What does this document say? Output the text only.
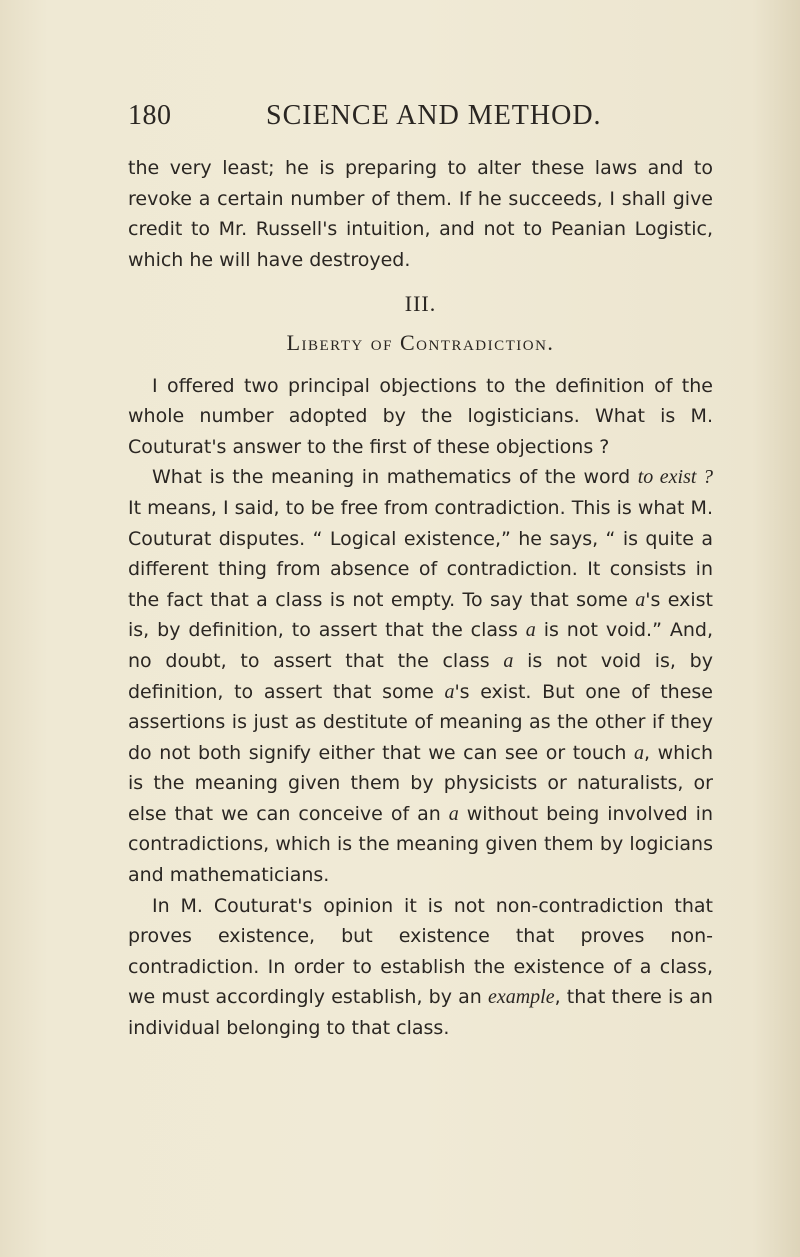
180	SCIENCE AND METHOD.

the very least; he is preparing to alter these laws and to revoke a certain number of them. If he succeeds, I shall give credit to Mr. Russell's intuition, and not to Peanian Logistic, which he will have destroyed.

III.

Liberty of Contradiction.

I offered two principal objections to the definition of the whole number adopted by the logisticians. What is M. Couturat's answer to the first of these objections ?

What is the meaning in mathematics of the word to exist ? It means, I said, to be free from contradiction. This is what M. Couturat disputes. “ Logical existence,” he says, “ is quite a different thing from absence of contradiction. It consists in the fact that a class is not empty. To say that some a's exist is, by definition, to assert that the class a is not void.” And, no doubt, to assert that the class a is not void is, by definition, to assert that some a's exist. But one of these assertions is just as destitute of meaning as the other if they do not both signify either that we can see or touch a, which is the meaning given them by physicists or naturalists, or else that we can conceive of an a without being involved in contradictions, which is the meaning given them by logicians and mathematicians.

In M. Couturat's opinion it is not non-contradiction that proves existence, but existence that proves non-contradiction. In order to establish the existence of a class, we must accordingly establish, by an example, that there is an individual belonging to that class.
